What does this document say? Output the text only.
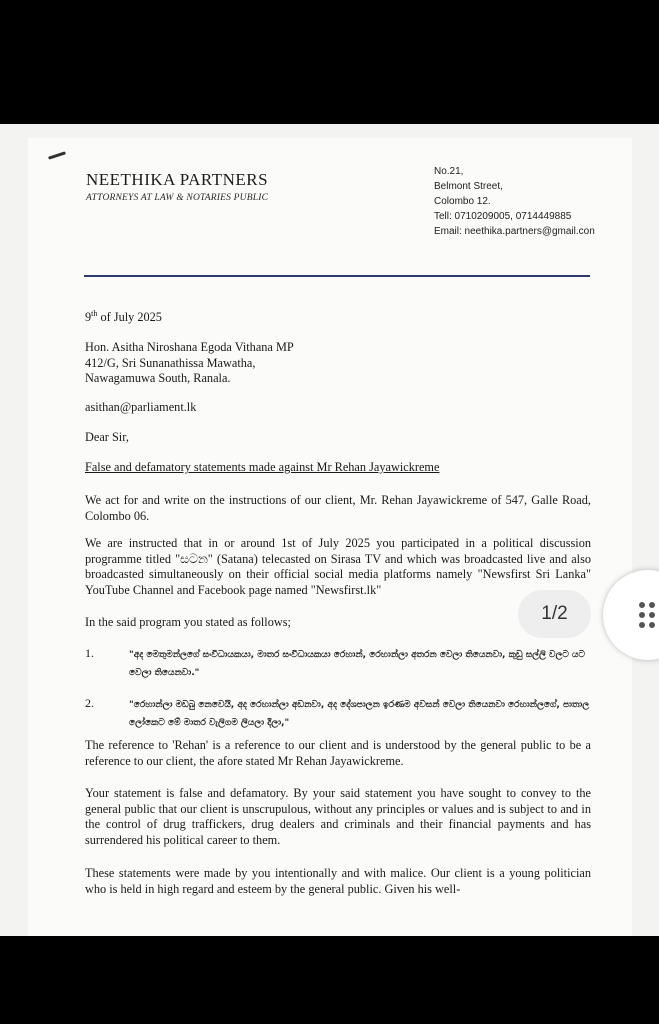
NEETHIKA PARTNERS
ATTORNEYS AT LAW & NOTARIES PUBLIC
No.21,
Belmont Street,
Colombo 12.
Tell: 0710209005, 0714449885
Email: neethika.partners@gmail.con
9th of July 2025
Hon. Asitha Niroshana Egoda Vithana MP
412/G, Sri Sunanathissa Mawatha,
Nawagamuwa South, Ranala.
asithan@parliament.lk
Dear Sir,
False and defamatory statements made against Mr Rehan Jayawickreme
We act for and write on the instructions of our client, Mr. Rehan Jayawickreme of 547, Galle Road, Colombo 06.
We are instructed that in or around 1st of July 2025 you participated in a political discussion programme titled "සටන" (Satana) telecasted on Sirasa TV and which was broadcasted live and also broadcasted simultaneously on their official social media platforms namely "Newsfirst Sri Lanka" YouTube Channel and Facebook page named "Newsfirst.lk"
In the said program you stated as follows;
1.	"අද මෙතුමන්ලගේ සංවිධායකයා, මාතර සංවිධායකයා රෙහාන්, රෙහාන්ලා අතරන වෙලා තියෙනවා, කුඩු සල්ලි වලට යට වෙලා තියෙනවා."
2.	"රෙහාන්ලා මඩබු නෙවෙයි, අද රෙහාන්ලා අඩනවා, අද දේශපාලන ඉරණම අවසන් වෙලා තියෙනවා රෙහාන්ලගේ, පාතාල ලෝකෙට මේ මාතර වැලිගම ලියලා දීලා,"
The reference to 'Rehan' is a reference to our client and is understood by the general public to be a reference to our client, the afore stated Mr Rehan Jayawickreme.
Your statement is false and defamatory. By your said statement you have sought to convey to the general public that our client is unscrupulous, without any principles or values and is subject to and in the control of drug traffickers, drug dealers and criminals and their financial payments and has surrendered his political career to them.
These statements were made by you intentionally and with malice. Our client is a young politician who is held in high regard and esteem by the general public. Given his well-
1/2
